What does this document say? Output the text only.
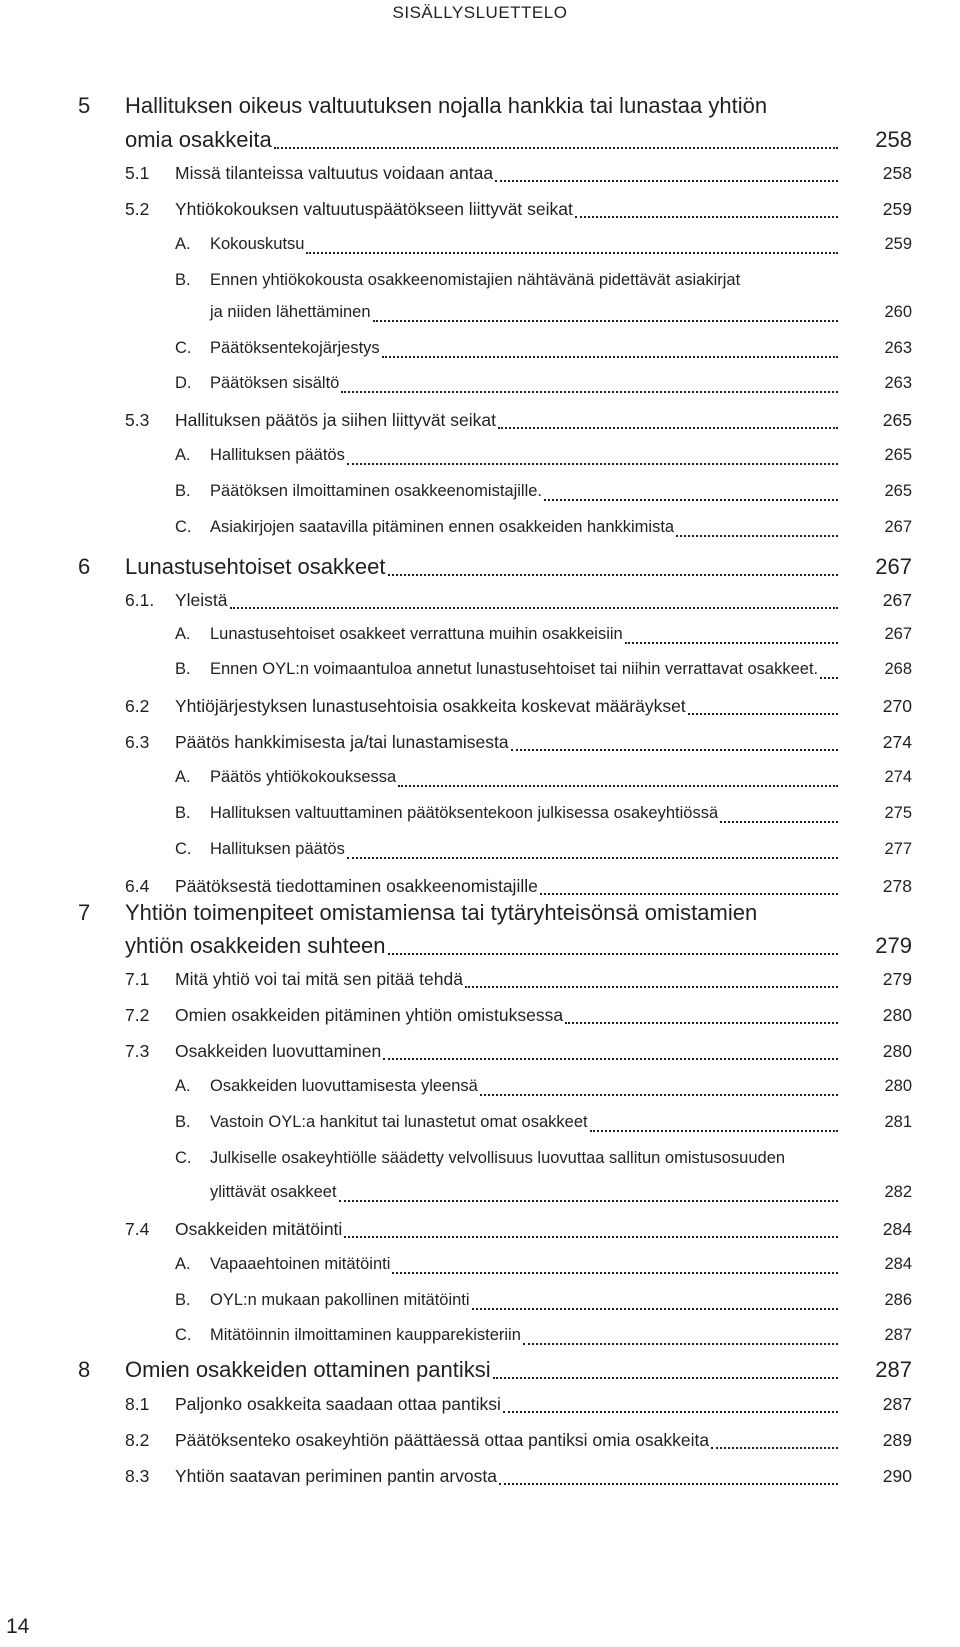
SISÄLLYSLUETTELO
5 Hallituksen oikeus valtuutuksen nojalla hankkia tai lunastaa yhtiön
omia osakkeita	258
5.1 Missä tilanteissa valtuutus voidaan antaa	258
5.2 Yhtiökokouksen valtuutuspäätökseen liittyvät seikat	259
A. Kokouskutsu	259
B. Ennen yhtiökokousta osakkeenomistajien nähtävänä pidettävät asiakirjat
ja niiden lähettäminen	260
C. Päätöksentekojärjestys	263
D. Päätöksen sisältö	263
5.3 Hallituksen päätös ja siihen liittyvät seikat	265
A. Hallituksen päätös	265
B. Päätöksen ilmoittaminen osakkeenomistajille.	265
C. Asiakirjojen saatavilla pitäminen ennen osakkeiden hankkimista	267
6 Lunastusehtoiset osakkeet	267
6.1. Yleistä	267
A. Lunastusehtoiset osakkeet verrattuna muihin osakkeisiin	267
B. Ennen OYL:n voimaantuloa annetut lunastusehtoiset tai niihin verrattavat osakkeet.	268
6.2 Yhtiöjärjestyksen lunastusehtoisia osakkeita koskevat määräykset	270
6.3 Päätös hankkimisesta ja/tai lunastamisesta	274
A. Päätös yhtiökokouksessa	274
B. Hallituksen valtuuttaminen päätöksentekoon julkisessa osakeyhtiössä	275
C. Hallituksen päätös	277
6.4 Päätöksestä tiedottaminen osakkeenomistajille	278
7 Yhtiön toimenpiteet omistamiensa tai tytäryhteisönsä omistamien
yhtiön osakkeiden suhteen	279
7.1 Mitä yhtiö voi tai mitä sen pitää tehdä	279
7.2 Omien osakkeiden pitäminen yhtiön omistuksessa	280
7.3 Osakkeiden luovuttaminen	280
A. Osakkeiden luovuttamisesta yleensä	280
B. Vastoin OYL:a hankitut tai lunastetut omat osakkeet	281
C. Julkiselle osakeyhtiölle säädetty velvollisuus luovuttaa sallitun omistusosuuden
ylittävät osakkeet	282
7.4 Osakkeiden mitätöinti	284
A. Vapaaehtoinen mitätöinti	284
B. OYL:n mukaan pakollinen mitätöinti	286
C. Mitätöinnin ilmoittaminen kaupparekisteriin	287
8 Omien osakkeiden ottaminen pantiksi	287
8.1 Paljonko osakkeita saadaan ottaa pantiksi	287
8.2 Päätöksenteko osakeyhtiön päättäessä ottaa pantiksi omia osakkeita	289
8.3 Yhtiön saatavan periminen pantin arvosta	290
14
